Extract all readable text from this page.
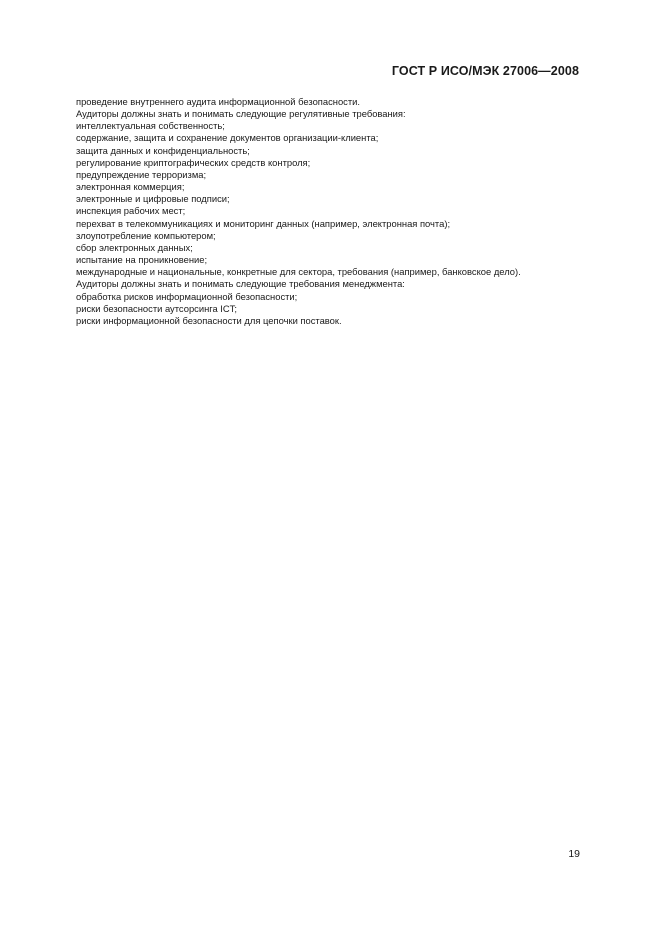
ГОСТ Р ИСО/МЭК 27006—2008
проведение внутреннего аудита информационной безопасности.
Аудиторы должны знать и понимать следующие регулятивные требования:
интеллектуальная собственность;
содержание, защита и сохранение документов организации-клиента;
защита данных и конфиденциальность;
регулирование криптографических средств контроля;
предупреждение терроризма;
электронная коммерция;
электронные и цифровые подписи;
инспекция рабочих мест;
перехват в телекоммуникациях и мониторинг данных (например, электронная почта);
злоупотребление компьютером;
сбор электронных данных;
испытание на проникновение;
международные и национальные, конкретные для сектора, требования (например, банковское дело).
Аудиторы должны знать и понимать следующие требования менеджмента:
обработка рисков информационной безопасности;
риски безопасности аутсорсинга ICT;
риски информационной безопасности для цепочки поставок.
19
